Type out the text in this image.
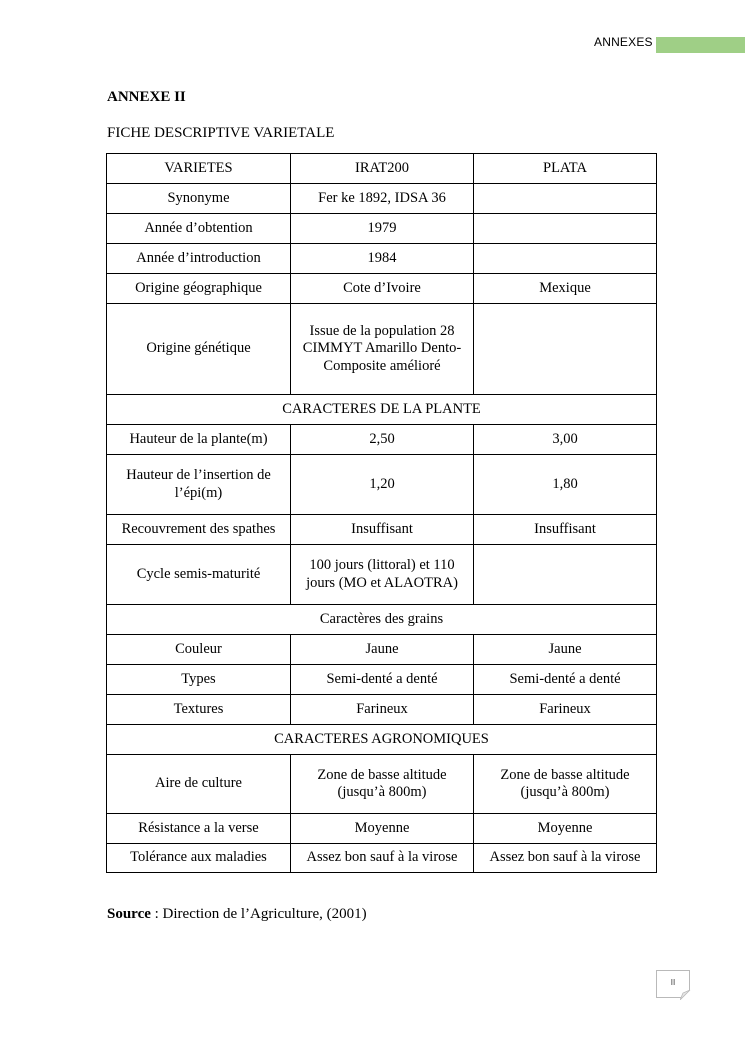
ANNEXES
ANNEXE II
FICHE DESCRIPTIVE VARIETALE
VARIETES	IRAT200	PLATA
Synonyme	Fer ke 1892, IDSA 36	
Année d’obtention	1979	
Année d’introduction	1984	
Origine géographique	Cote d’Ivoire	Mexique
Origine génétique	Issue de la population 28 CIMMYT Amarillo Dento-Composite amélioré	
CARACTERES DE LA PLANTE		
Hauteur de la plante(m)	2,50	3,00
Hauteur de l’insertion de l’épi(m)	1,20	1,80
Recouvrement des spathes	Insuffisant	Insuffisant
Cycle semis-maturité	100 jours (littoral) et 110 jours (MO et ALAOTRA)	
Caractères des grains		
Couleur	Jaune	Jaune
Types	Semi-denté a denté	Semi-denté a denté
Textures	Farineux	Farineux
CARACTERES AGRONOMIQUES		
Aire de culture	Zone de basse altitude (jusqu’à 800m)	Zone de basse altitude (jusqu’à 800m)
Résistance a la verse	Moyenne	Moyenne
Tolérance aux maladies	Assez bon sauf à la virose	Assez bon sauf à la virose
Source : Direction de l’Agriculture, (2001)
II
